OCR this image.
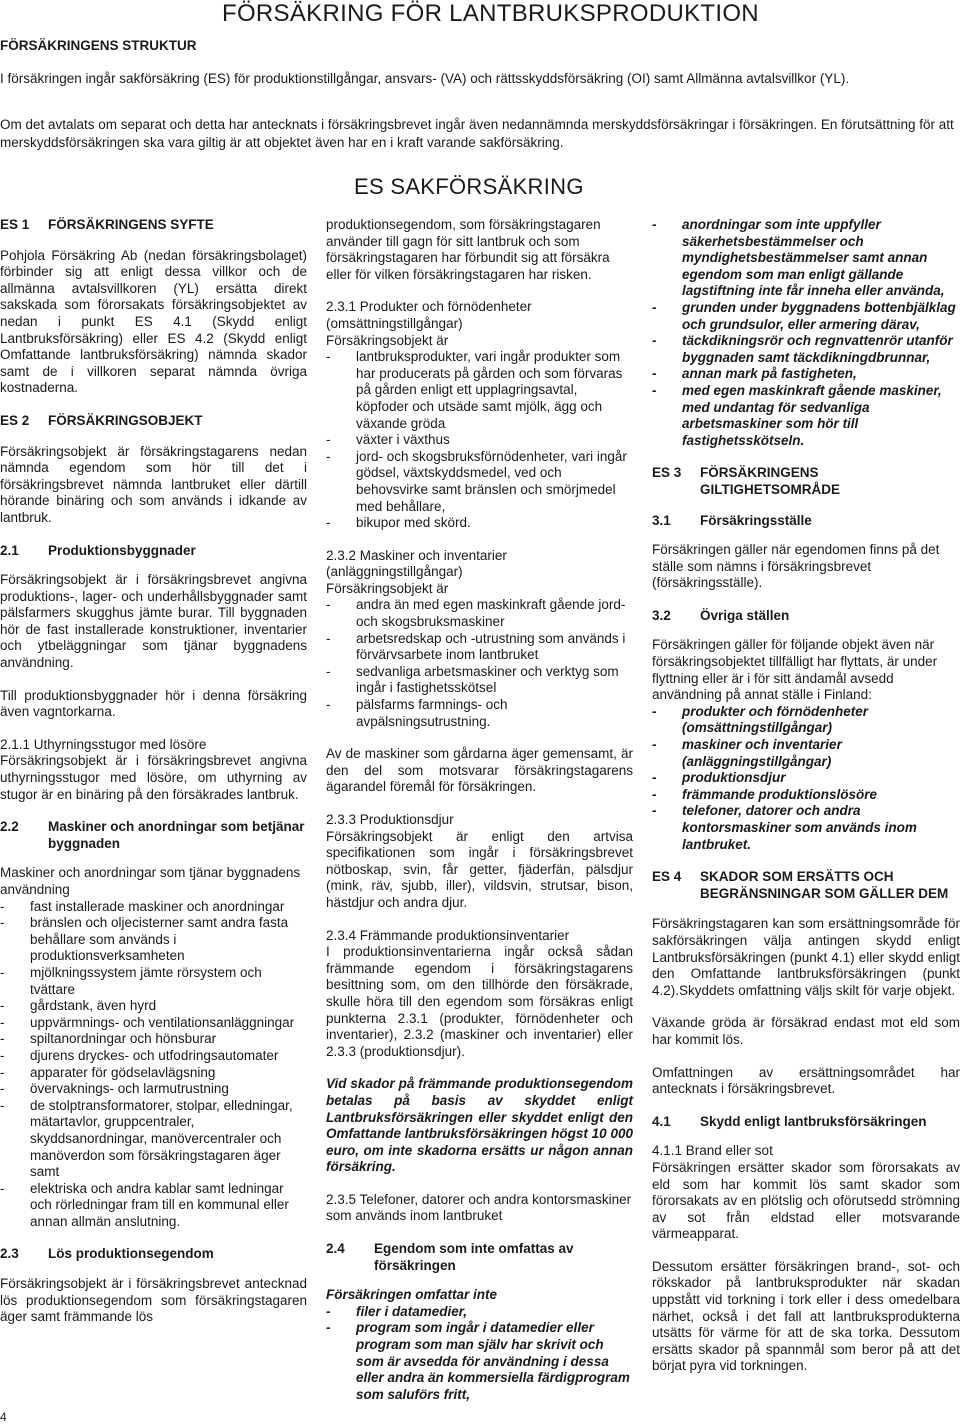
FÖRSÄKRING FÖR LANTBRUKSPRODUKTION
FÖRSÄKRINGENS STRUKTUR

I försäkringen ingår sakförsäkring (ES) för produktionstillgångar, ansvars- (VA) och rättsskyddsförsäkring (OI) samt Allmänna avtalsvillkor (YL).

Om det avtalats om separat och detta har antecknats i försäkringsbrevet ingår även nedannämnda merskyddsförsäkringar i försäkringen. En förutsättning för att merskyddsförsäkringen ska vara giltig är att objektet även har en i kraft varande sakförsäkring.

ES SAKFÖRSÄKRING
ES 1	FÖRSÄKRINGENS SYFTE

Pohjola Försäkring Ab (nedan försäkringsbolaget) förbinder sig att enligt dessa villkor och de allmänna avtalsvillkoren (YL) ersätta direkt sakskada som förorsakats försäkringsobjektet av nedan i punkt ES 4.1 (Skydd enligt Lantbruksförsäkring) eller ES 4.2 (Skydd enligt Omfattande lantbruksförsäkring) nämnda skador samt de i villkoren separat nämnda övriga kostnaderna.

ES 2	FÖRSÄKRINGSOBJEKT

Försäkringsobjekt är försäkringstagarens nedan nämnda egendom som hör till det i försäkringsbrevet nämnda lantbruket eller därtill hörande binäring och som används i idkande av lantbruk.

2.1	Produktionsbyggnader

Försäkringsobjekt är i försäkringsbrevet angivna produktions-, lager- och underhållsbyggnader samt pälsfarmers skugghus jämte burar. Till byggnaden hör de fast installerade konstruktioner, inventarier och ytbeläggningar som tjänar byggnadens användning.

Till produktionsbyggnader hör i denna försäkring även vagntorkarna.

2.1.1 Uthyrningsstugor med lösöre
Försäkringsobjekt är i försäkringsbrevet angivna uthyrningsstugor med lösöre, om uthyrning av stugor är en binäring på den försäkrades lantbruk.

2.2	Maskiner och anordningar som betjänar byggnaden

Maskiner och anordningar som tjänar byggnadens användning

-	fast installerade maskiner och anordningar
-	bränslen och oljecisterner samt andra fasta behållare som används i produktionsverksamheten
-	mjölkningssystem jämte rörsystem och tvättare
-	gårdstank, även hyrd
-	uppvärmnings- och ventilationsanläggningar
-	spiltanordningar och hönsburar
-	djurens dryckes- och utfodringsautomater
-	apparater för gödselavlägsning
-	övervaknings- och larmutrustning
-	de stolptransformatorer, stolpar, elledningar, mätartavlor, gruppcentraler, skyddsanordningar, manövercentraler och manöverdon som försäkringstagaren äger samt
-	elektriska och andra kablar samt ledningar och rörledningar fram till en kommunal eller annan allmän anslutning.
2.3	Lös produktionsegendom

Försäkringsobjekt är i försäkringsbrevet antecknad lös produktionsegendom som försäkringstagaren äger samt främmande lös

produktionsegendom, som försäkringstagaren använder till gagn för sitt lantbruk och som försäkringstagaren har förbundit sig att försäkra eller för vilken försäkringstagaren har risken.

2.3.1 Produkter och förnödenheter (omsättningstillgångar)

Försäkringsobjekt är

-	lantbruksprodukter, vari ingår produkter som har producerats på gården och som förvaras på gården enligt ett upplagringsavtal, köpfoder och utsäde samt mjölk, ägg och växande gröda
-	växter i växthus
-	jord- och skogsbruksförnödenheter, vari ingår gödsel, växtskyddsmedel, ved och behovsvirke samt bränslen och smörjmedel med behållare,
-	bikupor med skörd.

2.3.2 Maskiner och inventarier (anläggningstillgångar)

Försäkringsobjekt är

-	andra än med egen maskinkraft gående jord- och skogsbruksmaskiner
-	arbetsredskap och -utrustning som används i förvärvsarbete inom lantbruket
-	sedvanliga arbetsmaskiner och verktyg som ingår i fastighetsskötsel
-	pälsfarms farmnings- och avpälsningsutrustning.

Av de maskiner som gårdarna äger gemensamt, är den del som motsvarar försäkringstagarens ägarandel föremål för försäkringen.

2.3.3 Produktionsdjur
Försäkringsobjekt är enligt den artvisa specifikationen som ingår i försäkringsbrevet nötboskap, svin, får getter, fjäderfän, pälsdjur (mink, räv, sjubb, iller), vildsvin, strutsar, bison, hästdjur och andra djur.

2.3.4 Främmande produktionsinventarier
I produktionsinventarierna ingår också sådan främmande egendom i försäkringstagarens besittning som, om den tillhörde den försäkrade, skulle höra till den egendom som försäkras enligt punkterna 2.3.1 (produkter, förnödenheter och inventarier), 2.3.2 (maskiner och inventarier) eller 2.3.3 (produktionsdjur).

Vid skador på främmande produktionsegendom betalas på basis av skyddet enligt Lantbruksförsäkringen eller skyddet enligt den Omfattande lantbruksförsäkringen högst 10 000 euro, om inte skadorna ersätts ur någon annan försäkring.

2.3.5 Telefoner, datorer och andra kontorsmaskiner som används inom lantbruket

2.4	Egendom som inte omfattas av försäkringen

Försäkringen omfattar inte

-	filer i datamedier,
-	program som ingår i datamedier eller program som man själv har skrivit och som är avsedda för användning i dessa eller andra än kommersiella färdigprogram som saluförs fritt,
-	anordningar som inte uppfyller säkerhetsbestämmelser och myndighetsbestämmelser samt annan egendom som man enligt gällande lagstiftning inte får inneha eller använda,
-	grunden under byggnadens bottenbjälklag och grundsulor, eller armering därav,
-	täckdikningsrör och regnvattenrör utanför byggnaden samt täckdikningdbrunnar,
-	annan mark på fastigheten,
-	med egen maskinkraft gående maskiner, med undantag för sedvanliga arbetsmaskiner som hör till fastighetsskötseln.
ES 3	FÖRSÄKRINGENS GILTIGHETSOMRÅDE
3.1	Försäkringsställe

Försäkringen gäller när egendomen finns på det ställe som nämns i försäkringsbrevet (försäkringsställe).

3.2	Övriga ställen

Försäkringen gäller för följande objekt även när försäkringsobjektet tillfälligt har flyttats, är under flyttning eller är i för sitt ändamål avsedd användning på annat ställe i Finland:

-	produkter och förnödenheter (omsättningstillgångar)
-	maskiner och inventarier (anläggningstillgångar)
-	produktionsdjur
-	främmande produktionslösöre
-	telefoner, datorer och andra kontorsmaskiner som används inom lantbruket.
ES 4	SKADOR SOM ERSÄTTS OCH BEGRÄNSNINGAR SOM GÄLLER DEM

Försäkringstagaren kan som ersättningsområde för sakförsäkringen välja antingen skydd enligt Lantbruksförsäkringen (punkt 4.1) eller skydd enligt den Omfattande lantbruksförsäkringen (punkt 4.2).Skyddets omfattning väljs skilt för varje objekt.

Växande gröda är försäkrad endast mot eld som har kommit lös.

Omfattningen av ersättningsområdet har antecknats i försäkringsbrevet.

4.1	Skydd enligt lantbruksförsäkringen

4.1.1 Brand eller sot
Försäkringen ersätter skador som förorsakats av eld som har kommit lös samt skador som förorsakats av en plötslig och oförutsedd strömning av sot från eldstad eller motsvarande värmeapparat.

Dessutom ersätter försäkringen brand-, sot- och rökskador på lantbruksprodukter när skadan uppstått vid torkning i tork eller i dess omedelbara närhet, också i det fall att lantbruksprodukterna utsätts för värme för att de ska torka. Dessutom ersätts skador på spannmål som beror på att det börjat pyra vid torkningen.

4
